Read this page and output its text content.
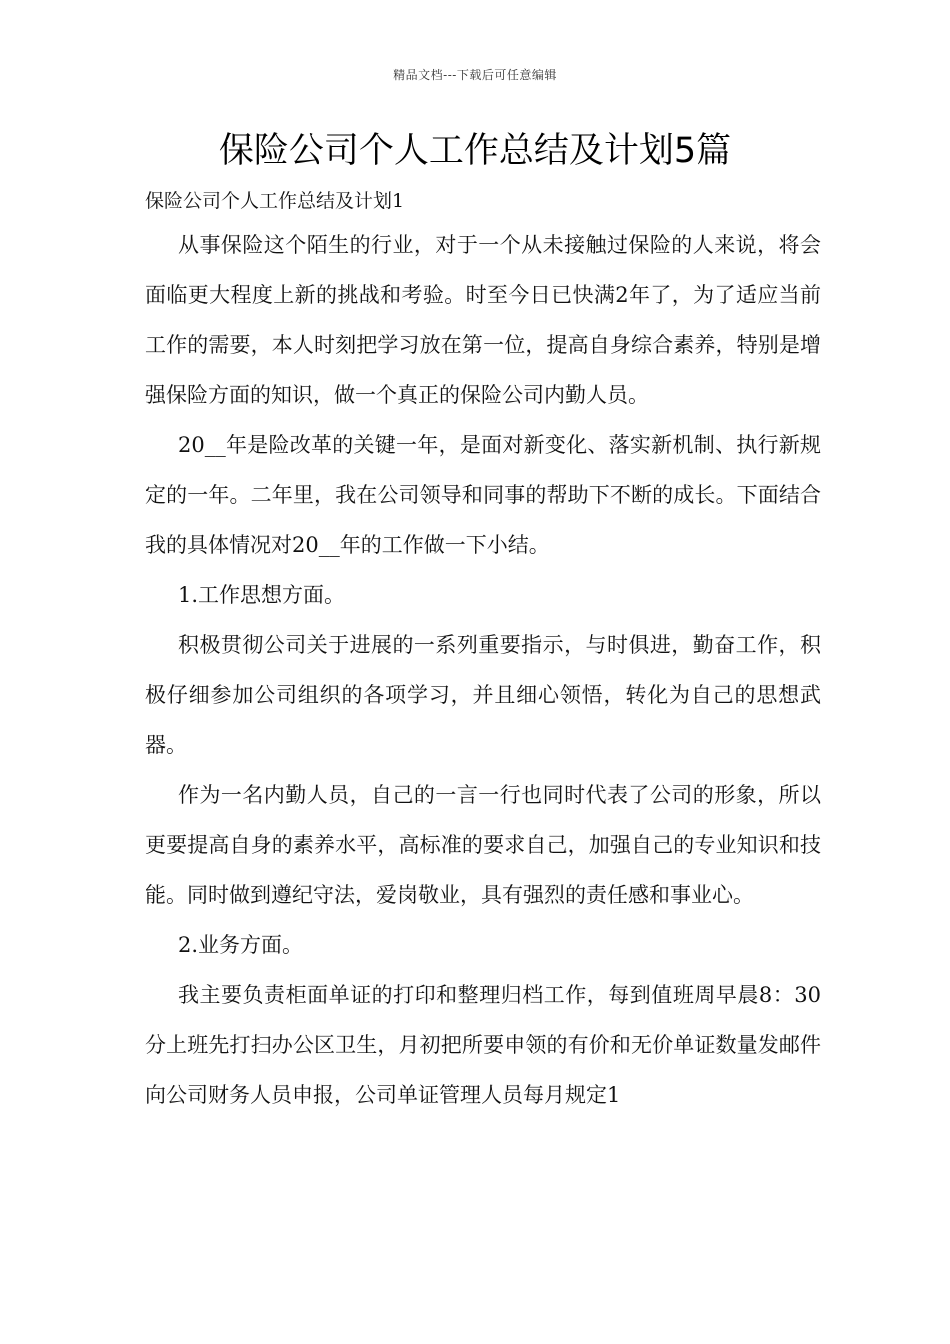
精品文档---下载后可任意编辑
保险公司个人工作总结及计划5篇

保险公司个人工作总结及计划1

从事保险这个陌生的行业，对于一个从未接触过保险的人来说，将会面临更大程度上新的挑战和考验。时至今日已快满2年了，为了适应当前工作的需要，本人时刻把学习放在第一位，提高自身综合素养，特别是增强保险方面的知识，做一个真正的保险公司内勤人员。

20__年是险改革的关键一年，是面对新变化、落实新机制、执行新规定的一年。二年里，我在公司领导和同事的帮助下不断的成长。下面结合我的具体情况对20__年的工作做一下小结。

1.工作思想方面。

积极贯彻公司关于进展的一系列重要指示，与时俱进，勤奋工作，积极仔细参加公司组织的各项学习，并且细心领悟，转化为自己的思想武器。

作为一名内勤人员，自己的一言一行也同时代表了公司的形象，所以更要提高自身的素养水平，高标准的要求自己，加强自己的专业知识和技能。同时做到遵纪守法，爱岗敬业，具有强烈的责任感和事业心。

2.业务方面。

我主要负责柜面单证的打印和整理归档工作，每到值班周早晨8：30分上班先打扫办公区卫生，月初把所要申领的有价和无价单证数量发邮件向公司财务人员申报，公司单证管理人员每月规定1
